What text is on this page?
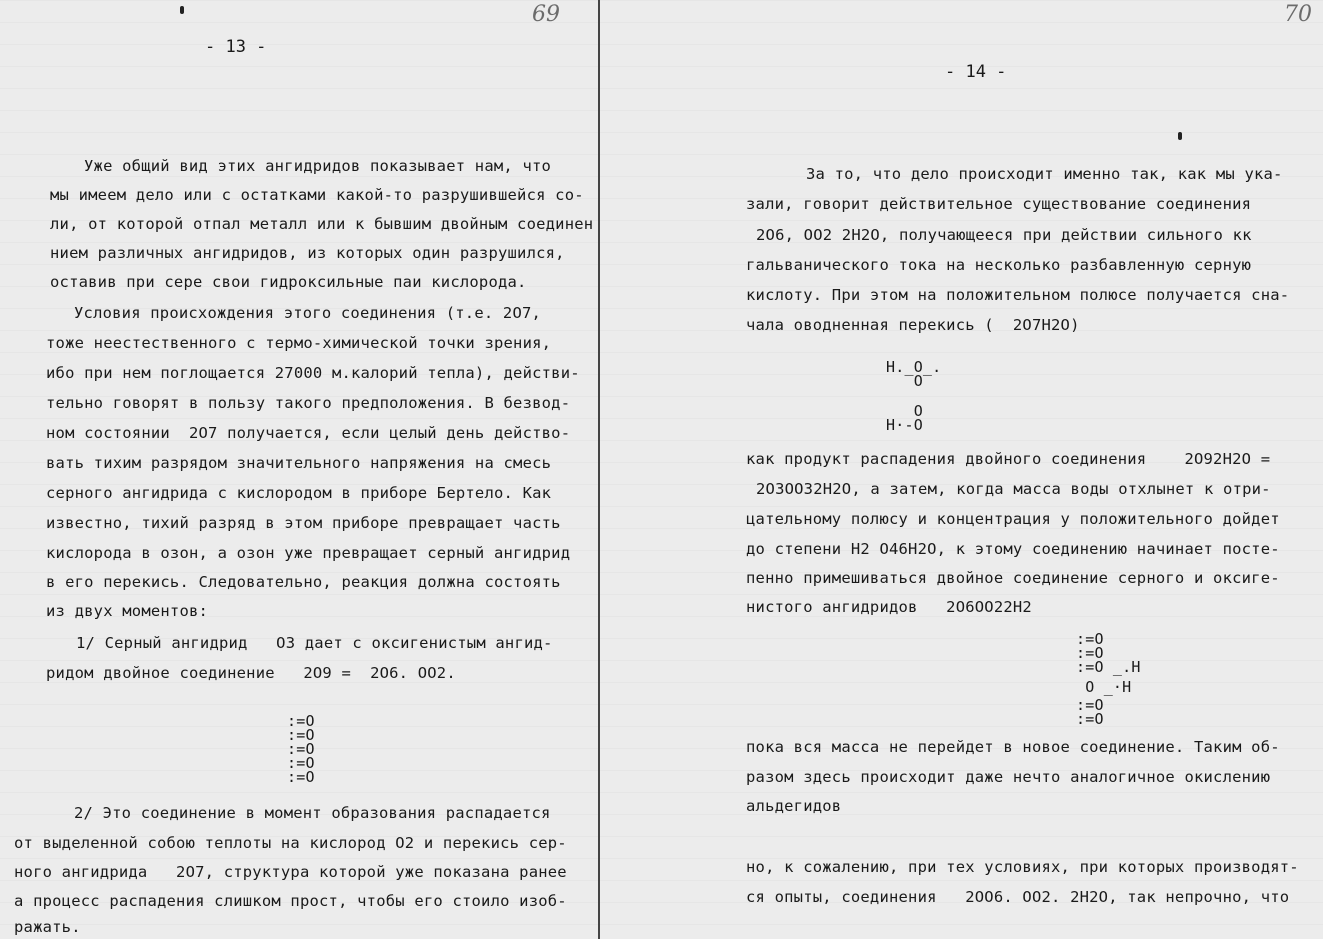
69
- 13 -
Уже общий вид этих ангидридов показывает нам, что
мы имеем дело или с остатками какой-то разрушившейся со-
ли, от которой отпал металл или к бывшим двойным соединен
нием различных ангидридов, из которых один разрушился,
оставив при сере свои гидроксильные паи кислорода.
Условия происхождения этого соединения (т.е. 2O7,
тоже неестественного с термо-химической точки зрения,
ибо при нем поглощается 27000 м.калорий тепла), действи-
тельно говорят в пользу такого предположения. В безвод-
ном состоянии  2O7 получается, если целый день действо-
вать тихим разрядом значительного напряжения на смесь
серного ангидрида с кислородом в приборе Бертело. Как
известно, тихий разряд в этом приборе превращает часть
кислорода в озон, а озон уже превращает серный ангидрид
в его перекись. Следовательно, реакция должна состоять
из двух моментов:
1/ Серный ангидрид   O3 дает с оксигенистым ангид-
ридом двойное соединение   2O9 =  2O6. OO2.
:=O
:=O
:=O
:=O
:=O
2/ Это соединение в момент образования распадается
от выделенной собою теплоты на кислород O2 и перекись сер-
ного ангидрида   2O7, структура которой уже показана ранее
а процесс распадения слишком прост, чтобы его стоило изоб-
ражать.
70
- 14 -
За то, что дело происходит именно так, как мы ука-
зали, говорит действительное существование соединения
2O6, OO2 2H2O, получающееся при действии сильного кк
гальванического тока на несколько разбавленную серную
кислоту. При этом на положительном полюсе получается сна-
чала оводненная перекись (  2O7H2O)
H._O_.
O
O
H·-O
как продукт распадения двойного соединения    2O92H2O =
2O3OO32H2O, а затем, когда масса воды отхлынет к отри-
цательному полюсу и концентрация у положительного дойдет
до степени H2 O46H2O, к этому соединению начинает посте-
пенно примешиваться двойное соединение серного и оксиге-
нистого ангидридов   2O6OO22H2
:=O
:=O
:=O _.H
O _·H
:=O
:=O
пока вся масса не перейдет в новое соединение. Таким об-
разом здесь происходит даже нечто аналогичное окислению
альдегидов
но, к сожалению, при тех условиях, при которых производят-
ся опыты, соединения   2OO6. OO2. 2H2O, так непрочно, что
